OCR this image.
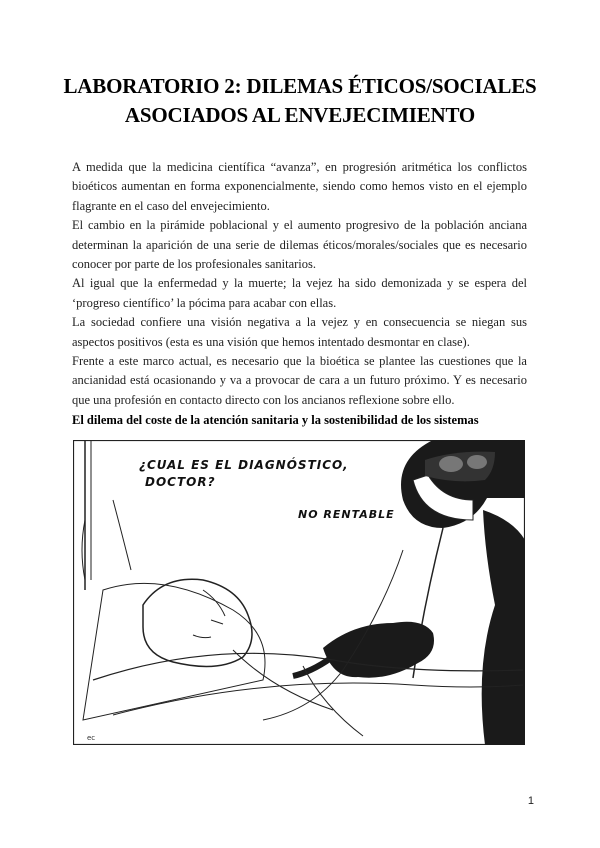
LABORATORIO 2: DILEMAS ÉTICOS/SOCIALES
ASOCIADOS AL ENVEJECIMIENTO

A medida que la medicina científica “avanza”, en progresión aritmética los conflictos bioéticos aumentan en forma exponencialmente, siendo como hemos visto en el ejemplo flagrante en el caso del envejecimiento.

El cambio en la pirámide poblacional y el aumento progresivo de la población anciana determinan la aparición de una serie de dilemas éticos/morales/sociales que es necesario conocer por parte de los profesionales sanitarios.

Al igual que la enfermedad y la muerte; la vejez ha sido demonizada y se espera del ‘progreso científico’ la pócima para acabar con ellas.

La sociedad confiere una visión negativa a la vejez y en consecuencia se niegan sus aspectos positivos (esta es una visión que hemos intentado desmontar en clase).

Frente a este marco actual, es necesario que la bioética se plantee las cuestiones que la ancianidad está ocasionando y va a provocar de cara a un futuro próximo. Y es necesario que una profesión en contacto directo con los ancianos reflexione sobre ello.

El dilema del coste de la atención sanitaria y la sostenibilidad de los sistemas
ec
¿CUAL ES EL DIAGNÓSTICO,
DOCTOR?
NO RENTABLE
1
